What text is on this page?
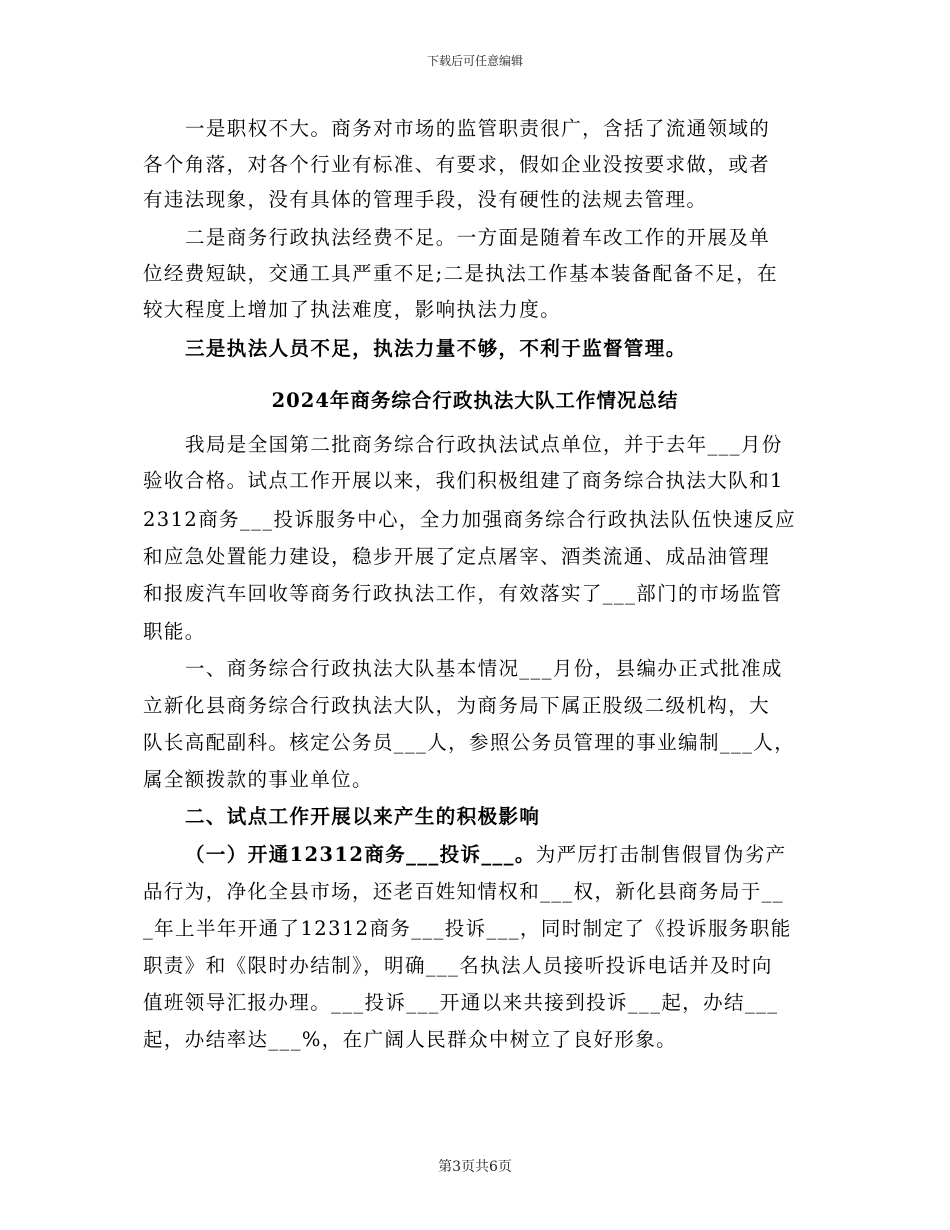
下载后可任意编辑
一是职权不大。商务对市场的监管职责很广，含括了流通领域的
各个角落，对各个行业有标准、有要求，假如企业没按要求做，或者
有违法现象，没有具体的管理手段，没有硬性的法规去管理。
二是商务行政执法经费不足。一方面是随着车改工作的开展及单
位经费短缺，交通工具严重不足;二是执法工作基本装备配备不足，在
较大程度上增加了执法难度，影响执法力度。
三是执法人员不足，执法力量不够，不利于监督管理。
2024年商务综合行政执法大队工作情况总结
我局是全国第二批商务综合行政执法试点单位，并于去年___月份
验收合格。试点工作开展以来，我们积极组建了商务综合执法大队和1
2312商务___投诉服务中心，全力加强商务综合行政执法队伍快速反应
和应急处置能力建设，稳步开展了定点屠宰、酒类流通、成品油管理
和报废汽车回收等商务行政执法工作，有效落实了___部门的市场监管
职能。
一、商务综合行政执法大队基本情况___月份，县编办正式批准成
立新化县商务综合行政执法大队，为商务局下属正股级二级机构，大
队长高配副科。核定公务员___人，参照公务员管理的事业编制___人，
属全额拨款的事业单位。
二、试点工作开展以来产生的积极影响
（一）开通12312商务___投诉___。为严厉打击制售假冒伪劣产
品行为，净化全县市场，还老百姓知情权和___权，新化县商务局于__
_年上半年开通了12312商务___投诉___，同时制定了《投诉服务职能
职责》和《限时办结制》，明确___名执法人员接听投诉电话并及时向
值班领导汇报办理。___投诉___开通以来共接到投诉___起，办结___
起，办结率达___%，在广阔人民群众中树立了良好形象。
第3页共6页
